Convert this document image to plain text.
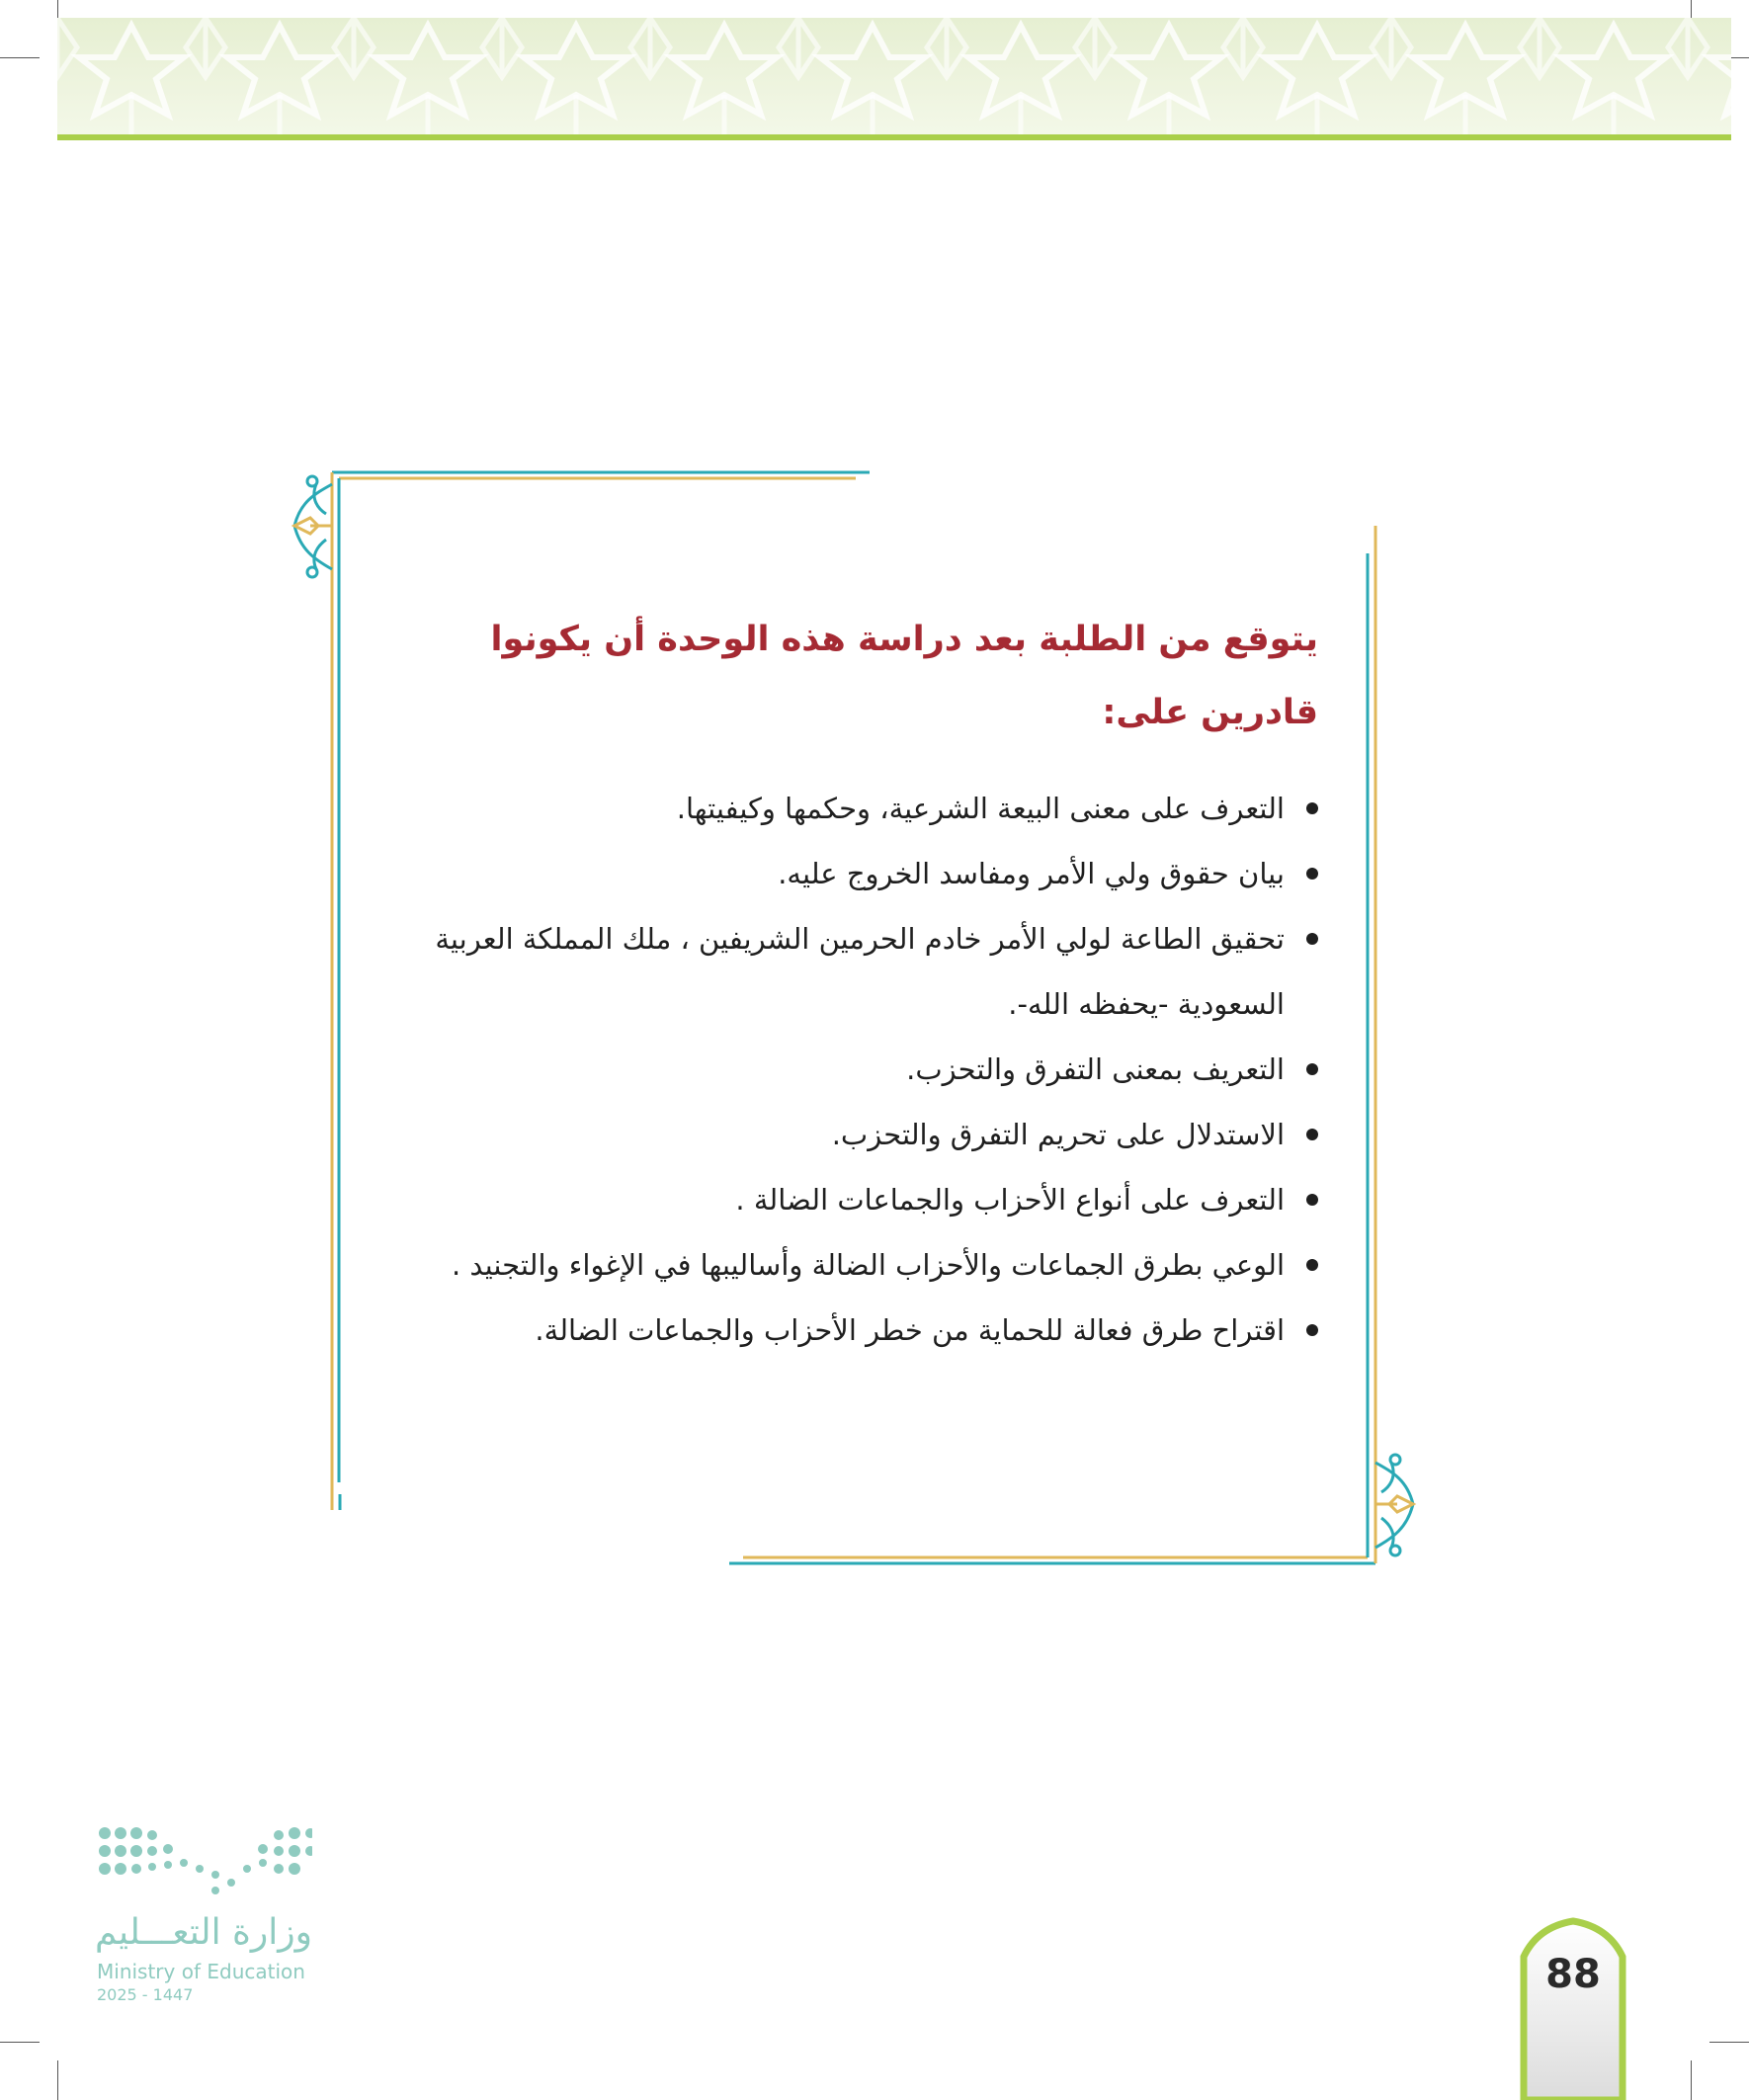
يتوقع من الطلبة بعد دراسة هذه الوحدة أن يكونوا قادرين على:
التعرف على معنى البيعة الشرعية، وحكمها وكيفيتها.
بيان حقوق ولي الأمر ومفاسد الخروج عليه.
تحقيق الطاعة لولي الأمر خادم الحرمين الشريفين ، ملك المملكة العربية السعودية -يحفظه الله-.
التعريف بمعنى التفرق والتحزب.
الاستدلال على تحريم التفرق والتحزب.
التعرف على أنواع الأحزاب والجماعات الضالة .
الوعي بطرق الجماعات والأحزاب الضالة وأساليبها في الإغواء والتجنيد .
اقتراح طرق فعالة للحماية من خطر الأحزاب والجماعات الضالة.
وزارة التعـــليم
Ministry of Education
2025 - 1447	88
